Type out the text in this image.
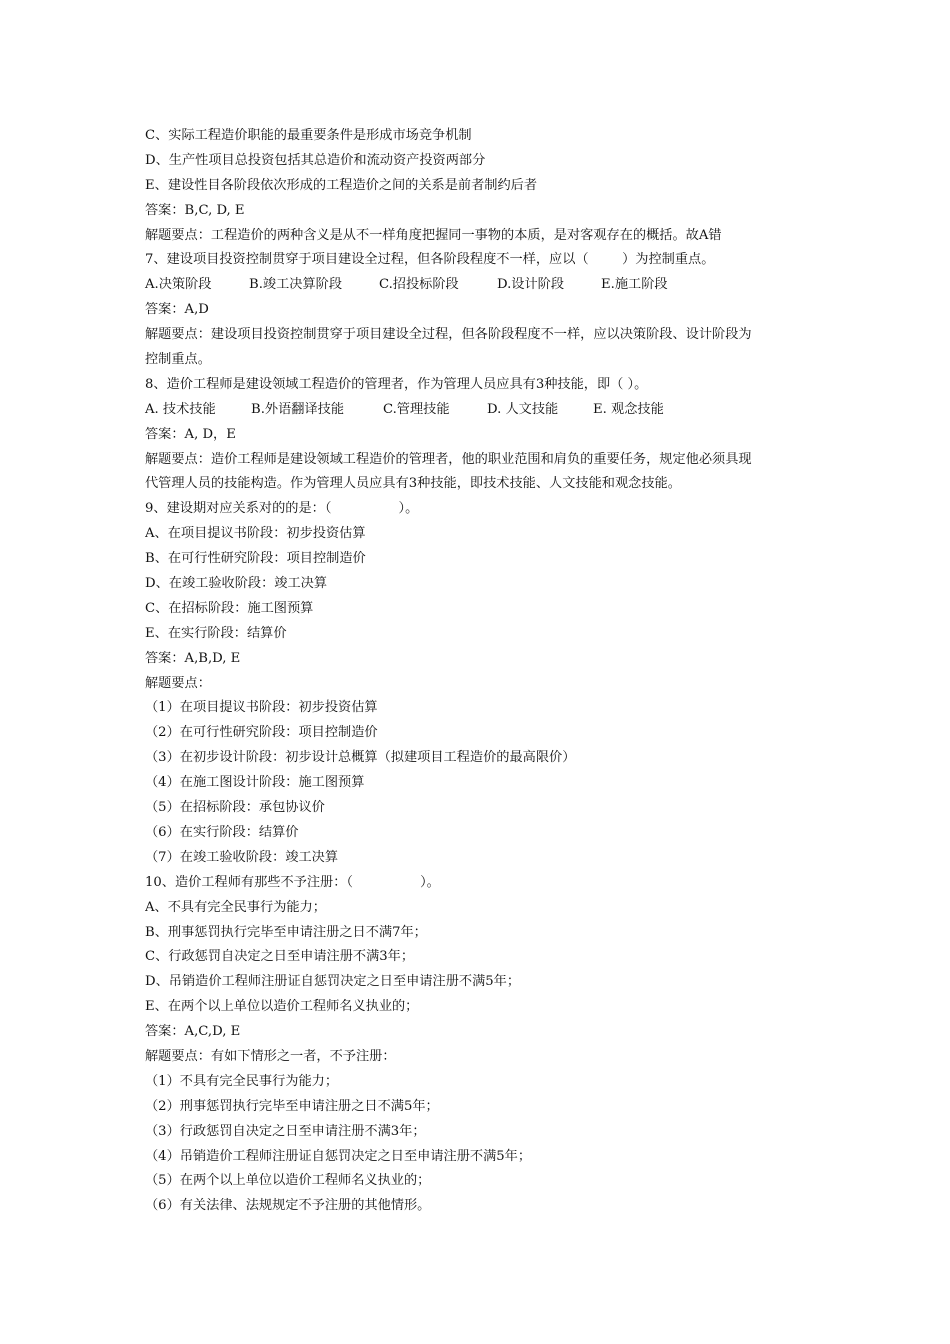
C、实际工程造价职能的最重要条件是形成市场竞争机制
D、生产性项目总投资包括其总造价和流动资产投资两部分
E、建设性目各阶段依次形成的工程造价之间的关系是前者制约后者
答案：B,C, D, E
解题要点：工程造价的两种含义是从不一样角度把握同一事物的本质，是对客观存在的概括。故A错
7、建设项目投资控制贯穿于项目建设全过程，但各阶段程度不一样，应以（        ）为控制重点。
A.决策阶段	B.竣工决算阶段	C.招投标阶段	D.设计阶段	E.施工阶段
答案：A,D
解题要点：建设项目投资控制贯穿于项目建设全过程，但各阶段程度不一样，应以决策阶段、设计阶段为
控制重点。
8、造价工程师是建设领域工程造价的管理者，作为管理人员应具有3种技能，即（ ）。
A. 技术技能	B.外语翻译技能	C.管理技能	D. 人文技能	E. 观念技能
答案：A, D，E
解题要点：造价工程师是建设领域工程造价的管理者，他的职业范围和肩负的重要任务，规定他必须具现
代管理人员的技能构造。作为管理人员应具有3种技能，即技术技能、人文技能和观念技能。
9、建设期对应关系对的的是：（                ）。
A、在项目提议书阶段：初步投资估算
B、在可行性研究阶段：项目控制造价
D、在竣工验收阶段：竣工决算
C、在招标阶段：施工图预算
E、在实行阶段：结算价
答案：A,B,D, E
解题要点：
（1）在项目提议书阶段：初步投资估算
（2）在可行性研究阶段：项目控制造价
（3）在初步设计阶段：初步设计总概算（拟建项目工程造价的最高限价）
（4）在施工图设计阶段：施工图预算
（5）在招标阶段：承包协议价
（6）在实行阶段：结算价
（7）在竣工验收阶段：竣工决算
10、造价工程师有那些不予注册：（                ）。
A、不具有完全民事行为能力；
B、刑事惩罚执行完毕至申请注册之日不满7年；
C、行政惩罚自决定之日至申请注册不满3年；
D、吊销造价工程师注册证自惩罚决定之日至申请注册不满5年；
E、在两个以上单位以造价工程师名义执业的；
答案：A,C,D, E
解题要点：有如下情形之一者，不予注册：
（1）不具有完全民事行为能力；
（2）刑事惩罚执行完毕至申请注册之日不满5年；
（3）行政惩罚自决定之日至申请注册不满3年；
（4）吊销造价工程师注册证自惩罚决定之日至申请注册不满5年；
（5）在两个以上单位以造价工程师名义执业的；
（6）有关法律、法规规定不予注册的其他情形。
